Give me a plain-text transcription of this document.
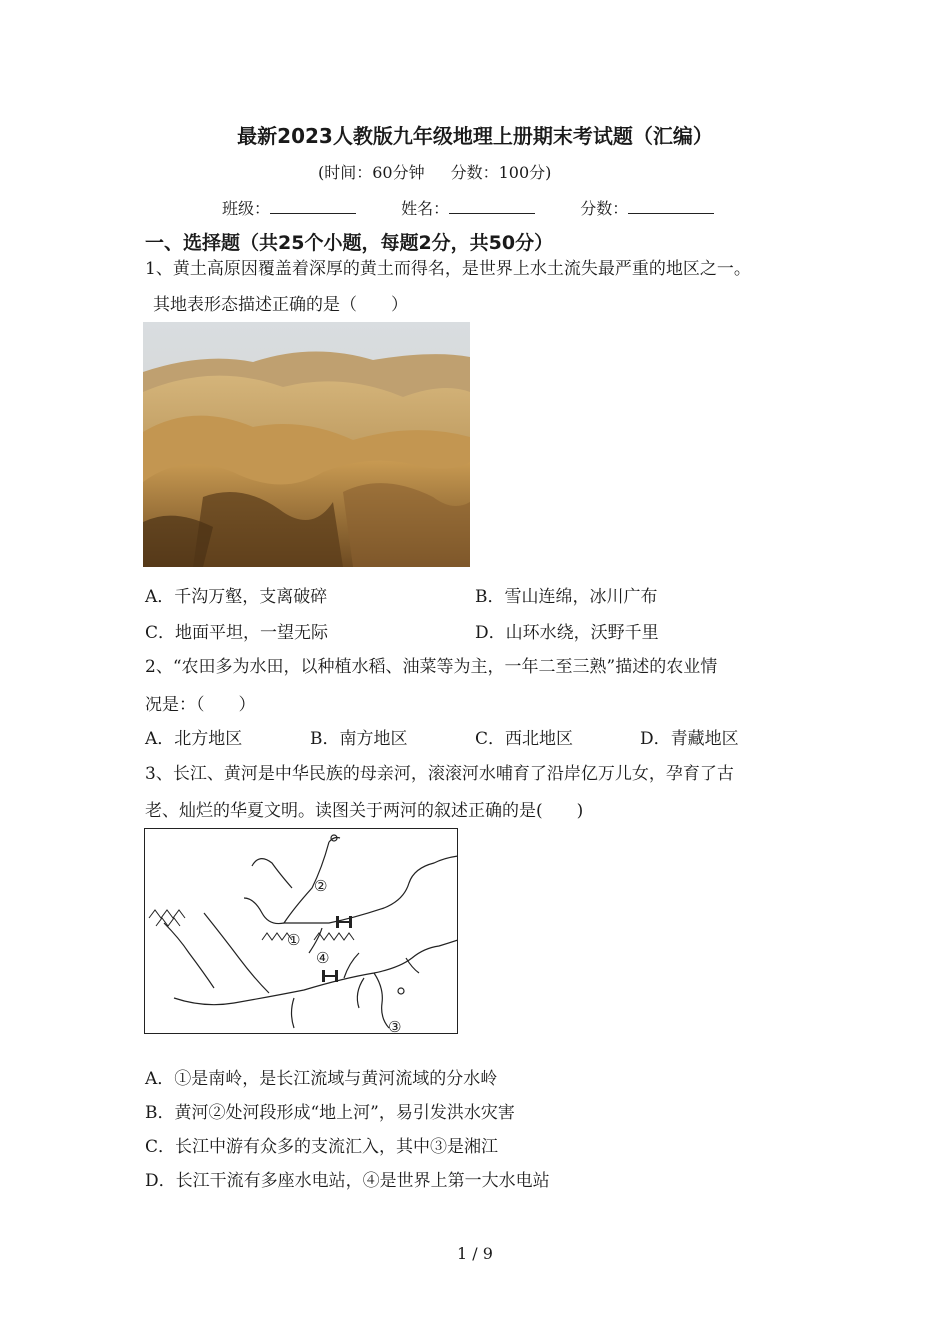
最新2023人教版九年级地理上册期末考试题（汇编）
(时间：60分钟 分数：100分)
班级：	姓名：	分数：
一、选择题（共25个小题，每题2分，共50分）
1、黄土高原因覆盖着深厚的黄土而得名，是世界上水土流失最严重的地区之一。
其地表形态描述正确的是（　　）
A．千沟万壑，支离破碎	B．雪山连绵，冰川广布
C．地面平坦，一望无际	D．山环水绕，沃野千里
2、“农田多为水田，以种植水稻、油菜等为主，一年二至三熟”描述的农业情
况是：（　　）
A．北方地区	B．南方地区	C．西北地区	D．青藏地区
3、长江、黄河是中华民族的母亲河，滚滚河水哺育了沿岸亿万儿女，孕育了古
老、灿烂的华夏文明。读图关于两河的叙述正确的是(　　)
①
②
③
④
A．①是南岭，是长江流域与黄河流域的分水岭
B．黄河②处河段形成“地上河”，易引发洪水灾害
C．长江中游有众多的支流汇入，其中③是湘江
D．长江干流有多座水电站，④是世界上第一大水电站
1 / 9
